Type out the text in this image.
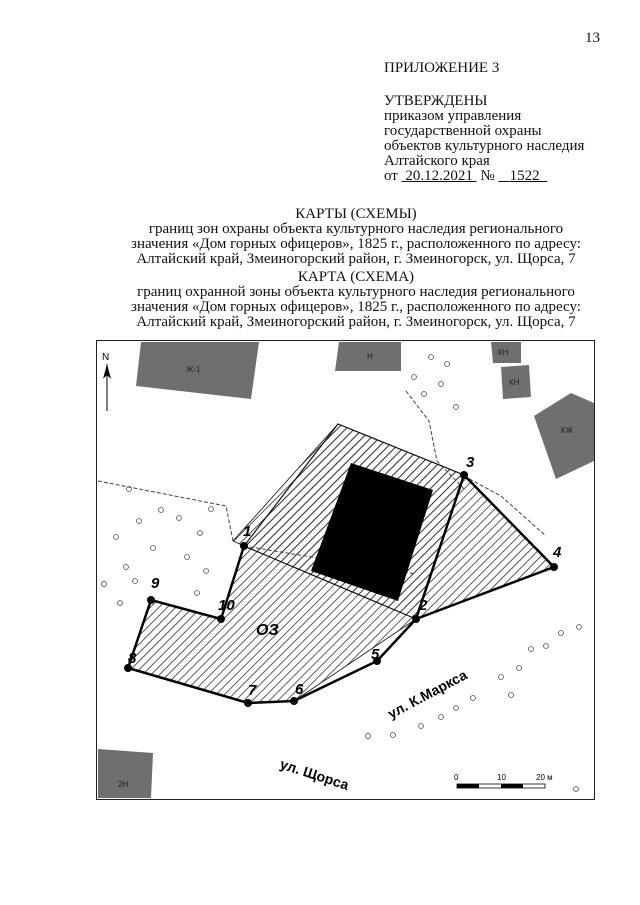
13
ПРИЛОЖЕНИЕ 3
УТВЕРЖДЕНЫ
приказом управления
государственной охраны
объектов культурного наследия
Алтайского края
от 20.12.2021 № 1522
КАРТЫ (СХЕМЫ)
границ зон охраны объекта культурного наследия регионального
значения «Дом горных офицеров», 1825 г., расположенного по адресу:
Алтайский край, Змеиногорский район, г. Змеиногорск, ул. Щорса, 7
КАРТА (СХЕМА)
границ охранной зоны объекта культурного наследия регионального
значения «Дом горных офицеров», 1825 г., расположенного по адресу:
Алтайский край, Змеиногорский район, г. Змеиногорск, ул. Щорса, 7
1
2
3
4
5
6
7
8
9
10
ОЗ
Ж-1
Н	КН
КН
КЖ
2Н
ул. К.Маркса
ул. Щорса
N
0	10	20 м
